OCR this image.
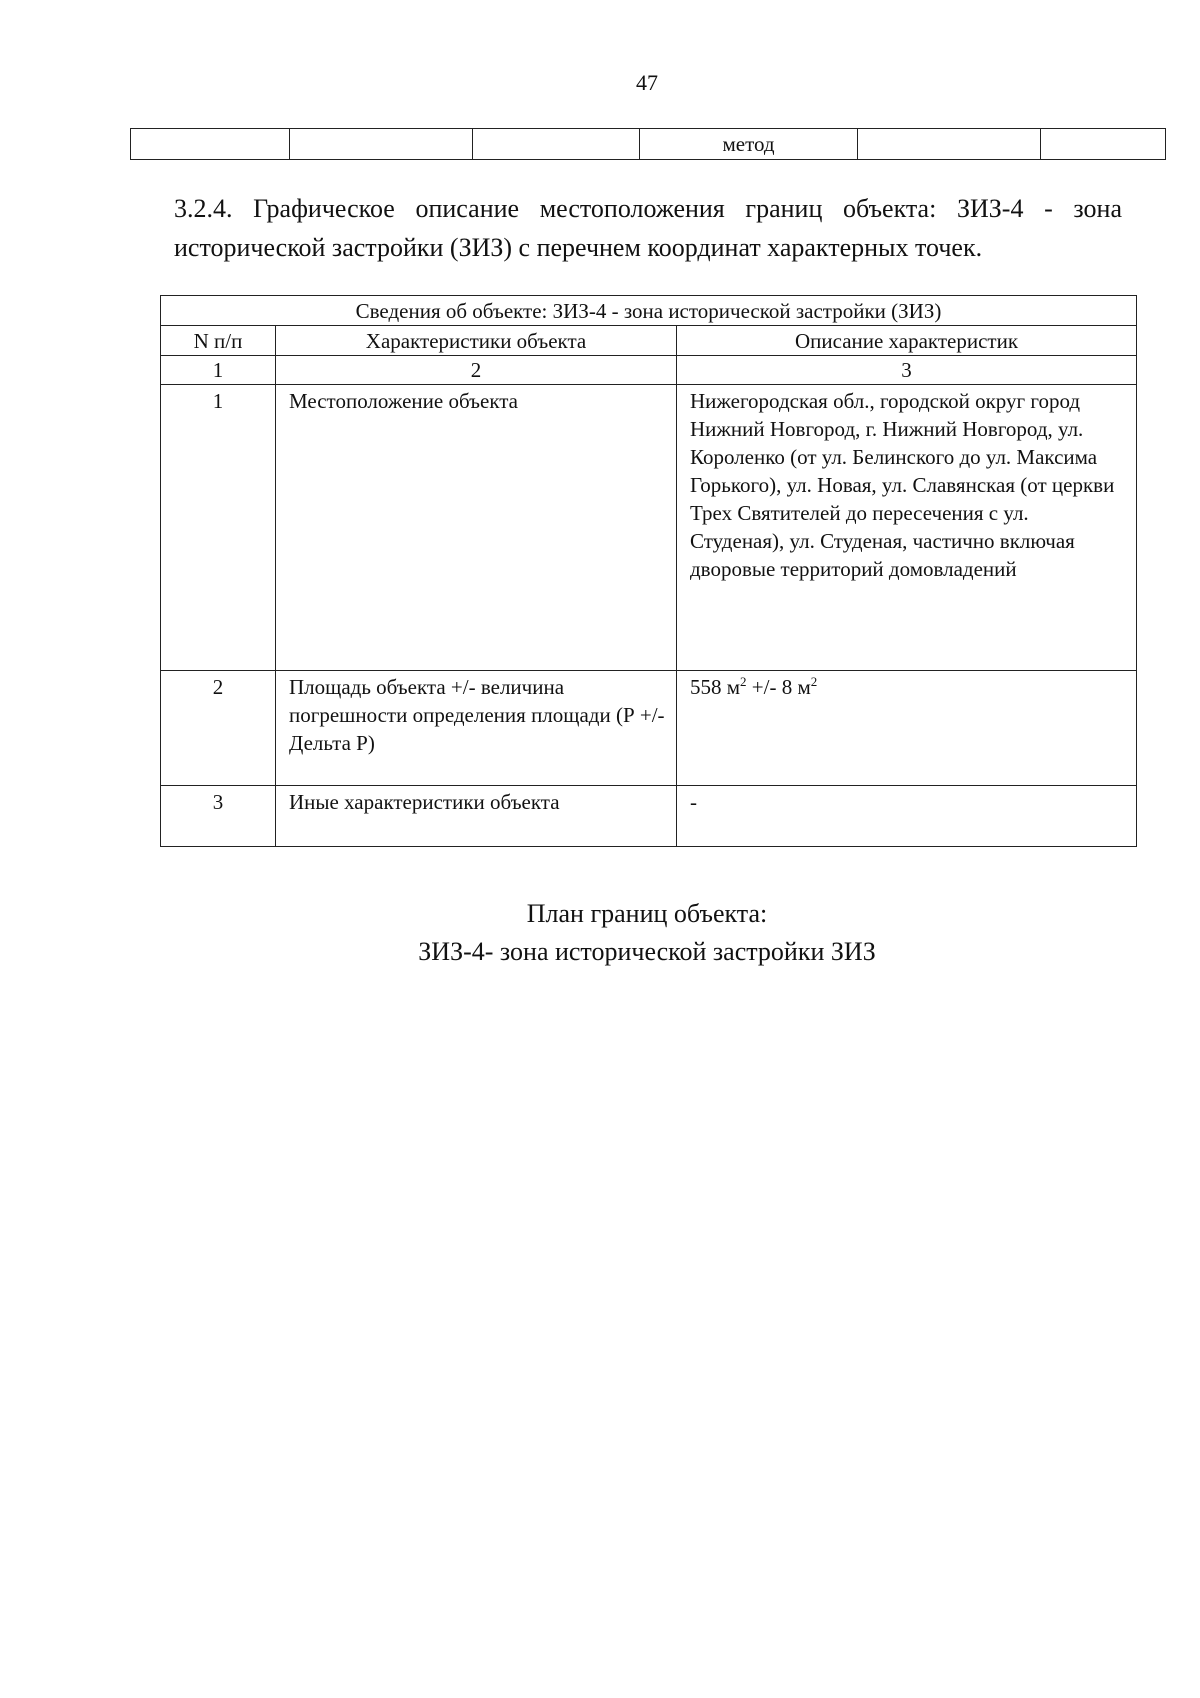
47
			метод		
3.2.4. Графическое описание местоположения границ объекта: ЗИЗ-4 - зона исторической застройки (ЗИЗ) с перечнем координат характерных точек.
Сведения об объекте: ЗИЗ-4 - зона исторической застройки (ЗИЗ)		
N п/п	Характеристики объекта	Описание характеристик
1	2	3
1	Местоположение объекта	Нижегородская обл., городской округ город Нижний Новгород, г. Нижний Новгород, ул. Короленко (от ул. Белинского до ул. Максима Горького), ул. Новая, ул. Славянская (от церкви Трех Святителей до пересечения с ул. Студеная), ул. Студеная, частично включая дворовые территорий домовладений
2	Площадь объекта +/- величина погрешности определения площади (Р +/- Дельта Р)	558 $м^2$ +/- 8 $м^2$
3	Иные характеристики объекта	-
План границ объекта:
ЗИЗ-4- зона исторической застройки ЗИЗ
